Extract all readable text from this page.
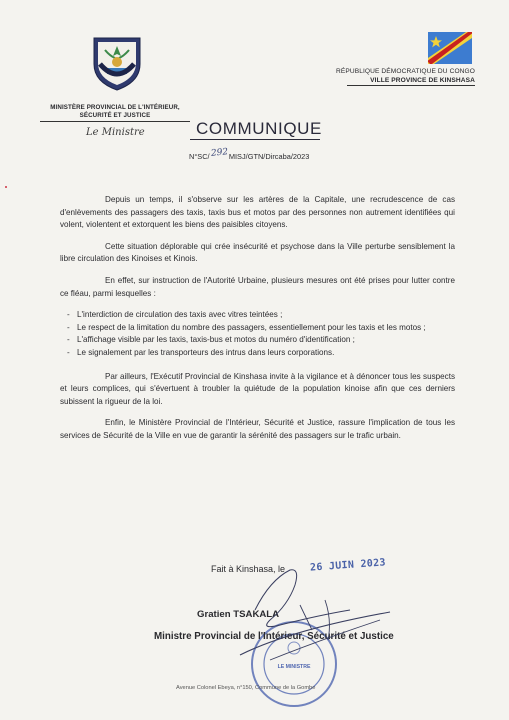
MINISTÈRE PROVINCIAL DE L'INTÉRIEUR, SÉCURITÉ ET JUSTICE
Le Ministre
RÉPUBLIQUE DÉMOCRATIQUE DU CONGO
VILLE PROVINCE DE KINSHASA
COMMUNIQUE
N°SC/292MISJ/GTN/Dircaba/2023

Depuis un temps, il s'observe sur les artères de la Capitale, une recrudescence de cas d'enlèvements des passagers des taxis, taxis bus et motos par des personnes non autrement identifiées qui volent, violentent et extorquent les biens des paisibles citoyens.

Cette situation déplorable qui crée insécurité et psychose dans la Ville perturbe sensiblement la libre circulation des Kinoises et Kinois.

En effet, sur instruction de l'Autorité Urbaine, plusieurs mesures ont été prises pour lutter contre ce fléau, parmi lesquelles :

- L'interdiction de circulation des taxis avec vitres teintées ;
- Le respect de la limitation du nombre des passagers, essentiellement pour les taxis et les motos ;
- L'affichage visible par les taxis, taxis-bus et motos du numéro d'identification ;
- Le signalement par les transporteurs des intrus dans leurs corporations.

Par ailleurs, l'Exécutif Provincial de Kinshasa invite à la vigilance et à dénoncer tous les suspects et leurs complices, qui s'évertuent à troubler la quiétude de la population kinoise afin que ces derniers subissent la rigueur de la loi.

Enfin, le Ministère Provincial de l'Intérieur, Sécurité et Justice, rassure l'implication de tous les services de Sécurité de la Ville en vue de garantir la sérénité des passagers sur le trafic urbain.

Fait à Kinshasa, le 26 JUIN 2023
LE MINISTRE
Gratien TSAKALA
Ministre Provincial de l'Intérieur, Sécurité et Justice
Avenue Colonel Ebeya, n°150, Commune de la Gombe
